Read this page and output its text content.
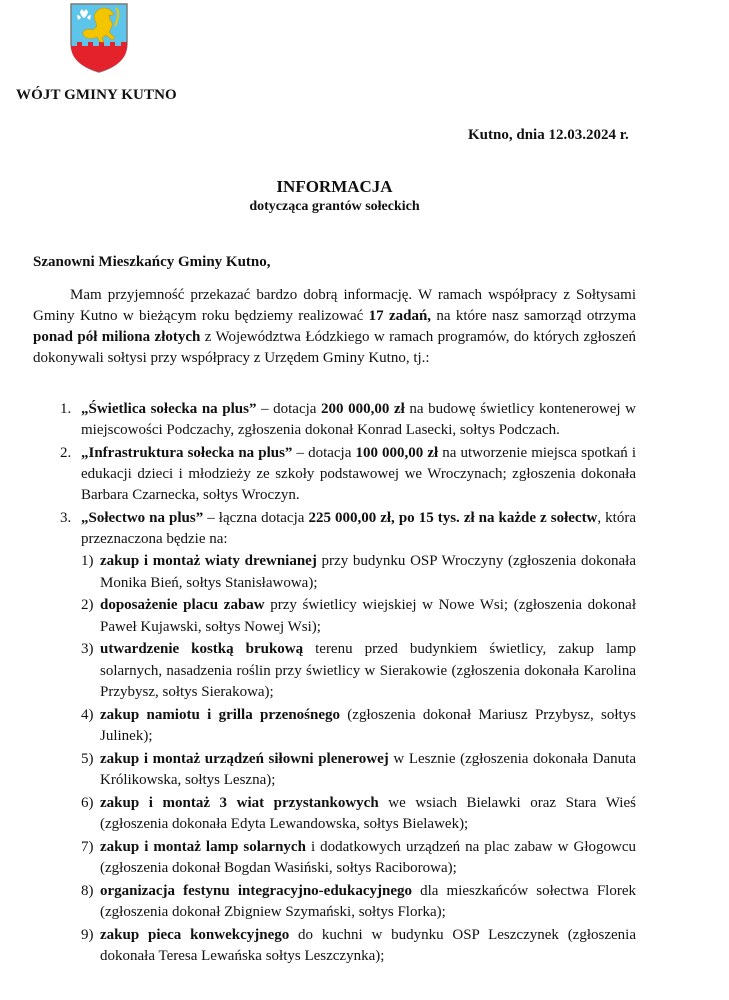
WÓJT GMINY KUTNO
Kutno, dnia 12.03.2024 r.
INFORMACJA
dotycząca grantów sołeckich
Szanowni Mieszkańcy Gminy Kutno,

Mam przyjemność przekazać bardzo dobrą informację. W ramach współpracy z Sołtysami Gminy Kutno w bieżącym roku będziemy realizować 17 zadań, na które nasz samorząd otrzyma ponad pół miliona złotych z Województwa Łódzkiego w ramach programów, do których zgłoszeń dokonywali sołtysi przy współpracy z Urzędem Gminy Kutno, tj.:

1. „Świetlica sołecka na plus” – dotacja 200 000,00 zł na budowę świetlicy kontenerowej w miejscowości Podczachy, zgłoszenia dokonał Konrad Lasecki, sołtys Podczach.
2. „Infrastruktura sołecka na plus” – dotacja 100 000,00 zł na utworzenie miejsca spotkań i edukacji dzieci i młodzieży ze szkoły podstawowej we Wroczynach; zgłoszenia dokonała Barbara Czarnecka, sołtys Wroczyn.
3. „Sołectwo na plus” – łączna dotacja 225 000,00 zł, po 15 tys. zł na każde z sołectw, która przeznaczona będzie na:
1) zakup i montaż wiaty drewnianej przy budynku OSP Wroczyny (zgłoszenia dokonała Monika Bień, sołtys Stanisławowa);
2) doposażenie placu zabaw przy świetlicy wiejskiej w Nowe Wsi; (zgłoszenia dokonał Paweł Kujawski, sołtys Nowej Wsi);
3) utwardzenie kostką brukową terenu przed budynkiem świetlicy, zakup lamp solarnych, nasadzenia roślin przy świetlicy w Sierakowie (zgłoszenia dokonała Karolina Przybysz, sołtys Sierakowa);
4) zakup namiotu i grilla przenośnego (zgłoszenia dokonał Mariusz Przybysz, sołtys Julinek);
5) zakup i montaż urządzeń siłowni plenerowej w Lesznie (zgłoszenia dokonała Danuta Królikowska, sołtys Leszna);
6) zakup i montaż 3 wiat przystankowych we wsiach Bielawki oraz Stara Wieś (zgłoszenia dokonała Edyta Lewandowska, sołtys Bielawek);
7) zakup i montaż lamp solarnych i dodatkowych urządzeń na plac zabaw w Głogowcu (zgłoszenia dokonał Bogdan Wasiński, sołtys Raciborowa);
8) organizacja festynu integracyjno-edukacyjnego dla mieszkańców sołectwa Florek (zgłoszenia dokonał Zbigniew Szymański, sołtys Florka);
9) zakup pieca konwekcyjnego do kuchni w budynku OSP Leszczynek (zgłoszenia dokonała Teresa Lewańska sołtys Leszczynka);
